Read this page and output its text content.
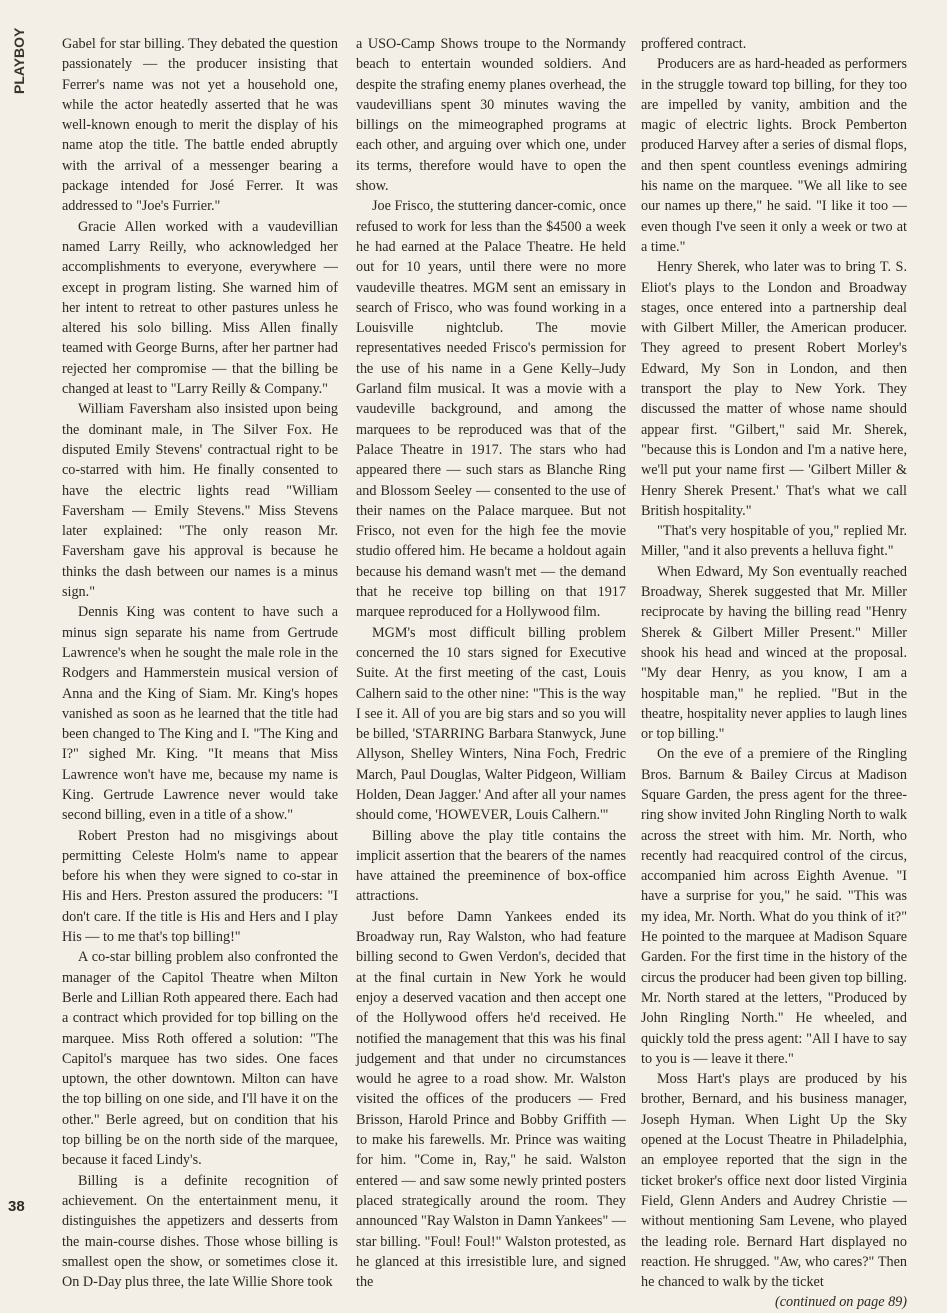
PLAYBOY	Gabel for star billing. They debated the question passionately — the producer insisting that Ferrer's name was not yet a household one, while the actor heatedly asserted that he was well-known enough to merit the display of his name atop the title. The battle ended abruptly with the arrival of a messenger bearing a package intended for José Ferrer. It was addressed to "Joe's Furrier."

Gracie Allen worked with a vaudevillian named Larry Reilly, who acknowledged her accomplishments to everyone, everywhere — except in program listing. She warned him of her intent to retreat to other pastures unless he altered his solo billing. Miss Allen finally teamed with George Burns, after her partner had rejected her compromise — that the billing be changed at least to "Larry Reilly & Company."

William Faversham also insisted upon being the dominant male, in The Silver Fox. He disputed Emily Stevens' contractual right to be co-starred with him. He finally consented to have the electric lights read "William Faversham — Emily Stevens." Miss Stevens later explained: "The only reason Mr. Faversham gave his approval is because he thinks the dash between our names is a minus sign."

Dennis King was content to have such a minus sign separate his name from Gertrude Lawrence's when he sought the male role in the Rodgers and Hammerstein musical version of Anna and the King of Siam. Mr. King's hopes vanished as soon as he learned that the title had been changed to The King and I. "The King and I?" sighed Mr. King. "It means that Miss Lawrence won't have me, because my name is King. Gertrude Lawrence never would take second billing, even in a title of a show."

Robert Preston had no misgivings about permitting Celeste Holm's name to appear before his when they were signed to co-star in His and Hers. Preston assured the producers: "I don't care. If the title is His and Hers and I play His — to me that's top billing!"

A co-star billing problem also confronted the manager of the Capitol Theatre when Milton Berle and Lillian Roth appeared there. Each had a contract which provided for top billing on the marquee. Miss Roth offered a solution: "The Capitol's marquee has two sides. One faces uptown, the other downtown. Milton can have the top billing on one side, and I'll have it on the other." Berle agreed, but on condition that his top billing be on the north side of the marquee, because it faced Lindy's.

Billing is a definite recognition of achievement. On the entertainment menu, it distinguishes the appetizers and desserts from the main-course dishes. Those whose billing is smallest open the show, or sometimes close it. On D-Day plus three, the late Willie Shore took

a USO-Camp Shows troupe to the Normandy beach to entertain wounded soldiers. And despite the strafing enemy planes overhead, the vaudevillians spent 30 minutes waving the billings on the mimeographed programs at each other, and arguing over which one, under its terms, therefore would have to open the show.

Joe Frisco, the stuttering dancer-comic, once refused to work for less than the $4500 a week he had earned at the Palace Theatre. He held out for 10 years, until there were no more vaudeville theatres. MGM sent an emissary in search of Frisco, who was found working in a Louisville nightclub. The movie representatives needed Frisco's permission for the use of his name in a Gene Kelly–Judy Garland film musical. It was a movie with a vaudeville background, and among the marquees to be reproduced was that of the Palace Theatre in 1917. The stars who had appeared there — such stars as Blanche Ring and Blossom Seeley — consented to the use of their names on the Palace marquee. But not Frisco, not even for the high fee the movie studio offered him. He became a holdout again because his demand wasn't met — the demand that he receive top billing on that 1917 marquee reproduced for a Hollywood film.

MGM's most difficult billing problem concerned the 10 stars signed for Executive Suite. At the first meeting of the cast, Louis Calhern said to the other nine: "This is the way I see it. All of you are big stars and so you will be billed, 'STARRING Barbara Stanwyck, June Allyson, Shelley Winters, Nina Foch, Fredric March, Paul Douglas, Walter Pidgeon, William Holden, Dean Jagger.' And after all your names should come, 'HOWEVER, Louis Calhern.'"

Billing above the play title contains the implicit assertion that the bearers of the names have attained the preeminence of box-office attractions.

Just before Damn Yankees ended its Broadway run, Ray Walston, who had feature billing second to Gwen Verdon's, decided that at the final curtain in New York he would enjoy a deserved vacation and then accept one of the Hollywood offers he'd received. He notified the management that this was his final judgement and that under no circumstances would he agree to a road show. Mr. Walston visited the offices of the producers — Fred Brisson, Harold Prince and Bobby Griffith — to make his farewells. Mr. Prince was waiting for him. "Come in, Ray," he said. Walston entered — and saw some newly printed posters placed strategically around the room. They announced "Ray Walston in Damn Yankees" — star billing. "Foul! Foul!" Walston protested, as he glanced at this irresistible lure, and signed the

proffered contract.

Producers are as hard-headed as performers in the struggle toward top billing, for they too are impelled by vanity, ambition and the magic of electric lights. Brock Pemberton produced Harvey after a series of dismal flops, and then spent countless evenings admiring his name on the marquee. "We all like to see our names up there," he said. "I like it too — even though I've seen it only a week or two at a time."

Henry Sherek, who later was to bring T. S. Eliot's plays to the London and Broadway stages, once entered into a partnership deal with Gilbert Miller, the American producer. They agreed to present Robert Morley's Edward, My Son in London, and then transport the play to New York. They discussed the matter of whose name should appear first. "Gilbert," said Mr. Sherek, "because this is London and I'm a native here, we'll put your name first — 'Gilbert Miller & Henry Sherek Present.' That's what we call British hospitality."

"That's very hospitable of you," replied Mr. Miller, "and it also prevents a helluva fight."

When Edward, My Son eventually reached Broadway, Sherek suggested that Mr. Miller reciprocate by having the billing read "Henry Sherek & Gilbert Miller Present." Miller shook his head and winced at the proposal. "My dear Henry, as you know, I am a hospitable man," he replied. "But in the theatre, hospitality never applies to laugh lines or top billing."

On the eve of a premiere of the Ringling Bros. Barnum & Bailey Circus at Madison Square Garden, the press agent for the three-ring show invited John Ringling North to walk across the street with him. Mr. North, who recently had reacquired control of the circus, accompanied him across Eighth Avenue. "I have a surprise for you," he said. "This was my idea, Mr. North. What do you think of it?" He pointed to the marquee at Madison Square Garden. For the first time in the history of the circus the producer had been given top billing. Mr. North stared at the letters, "Produced by John Ringling North." He wheeled, and quickly told the press agent: "All I have to say to you is — leave it there."

Moss Hart's plays are produced by his brother, Bernard, and his business manager, Joseph Hyman. When Light Up the Sky opened at the Locust Theatre in Philadelphia, an employee reported that the sign in the ticket broker's office next door listed Virginia Field, Glenn Anders and Audrey Christie — without mentioning Sam Levene, who played the leading role. Bernard Hart displayed no reaction. He shrugged. "Aw, who cares?" Then he chanced to walk by the ticket

(continued on page 89)

38
